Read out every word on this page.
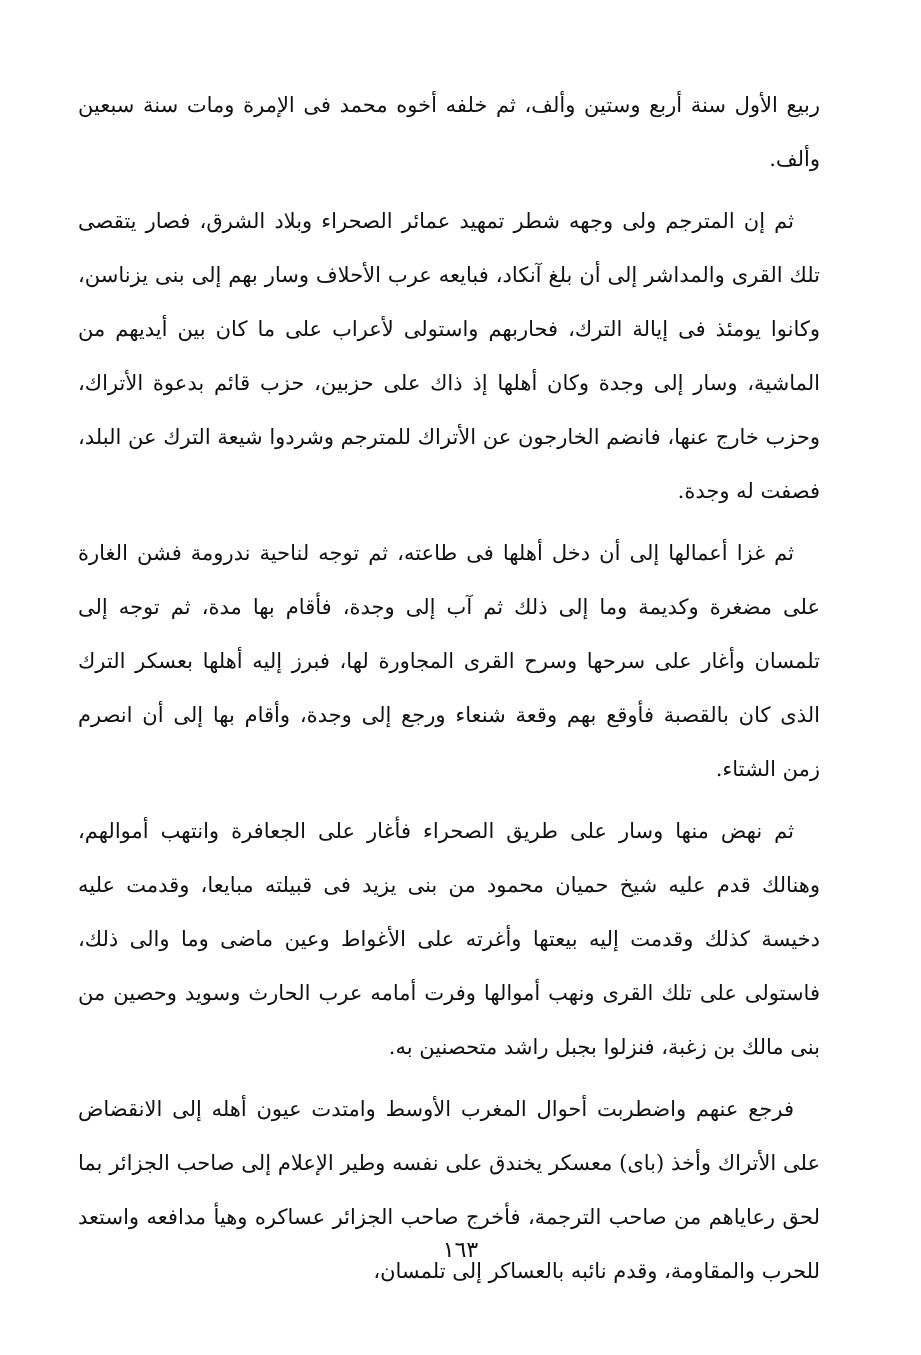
ربيع الأول سنة أربع وستين وألف، ثم خلفه أخوه محمد فى الإمرة ومات سنة سبعين وألف.

ثم إن المترجم ولى وجهه شطر تمهيد عمائر الصحراء وبلاد الشرق، فصار يتقصى تلك القرى والمداشر إلى أن بلغ آنكاد، فبايعه عرب الأحلاف وسار بهم إلى بنى يزناسن، وكانوا يومئذ فى إيالة الترك، فحاربهم واستولى لأعراب على ما كان بين أيديهم من الماشية، وسار إلى وجدة وكان أهلها إذ ذاك على حزبين، حزب قائم بدعوة الأتراك، وحزب خارج عنها، فانضم الخارجون عن الأتراك للمترجم وشردوا شيعة الترك عن البلد، فصفت له وجدة.

ثم غزا أعمالها إلى أن دخل أهلها فى طاعته، ثم توجه لناحية ندرومة فشن الغارة على مضغرة وكديمة وما إلى ذلك ثم آب إلى وجدة، فأقام بها مدة، ثم توجه إلى تلمسان وأغار على سرحها وسرح القرى المجاورة لها، فبرز إليه أهلها بعسكر الترك الذى كان بالقصبة فأوقع بهم وقعة شنعاء ورجع إلى وجدة، وأقام بها إلى أن انصرم زمن الشتاء.

ثم نهض منها وسار على طريق الصحراء فأغار على الجعافرة وانتهب أموالهم، وهنالك قدم عليه شيخ حميان محمود من بنى يزيد فى قبيلته مبايعا، وقدمت عليه دخيسة كذلك وقدمت إليه بيعتها وأغرته على الأغواط وعين ماضى وما والى ذلك، فاستولى على تلك القرى ونهب أموالها وفرت أمامه عرب الحارث وسويد وحصين من بنى مالك بن زغبة، فنزلوا بجبل راشد متحصنين به.

فرجع عنهم واضطربت أحوال المغرب الأوسط وامتدت عيون أهله إلى الانقضاض على الأتراك وأخذ (باى) معسكر يخندق على نفسه وطير الإعلام إلى صاحب الجزائر بما لحق رعاياهم من صاحب الترجمة، فأخرج صاحب الجزائر عساكره وهيأ مدافعه واستعد للحرب والمقاومة، وقدم نائبه بالعساكر إلى تلمسان،

١٦٣
